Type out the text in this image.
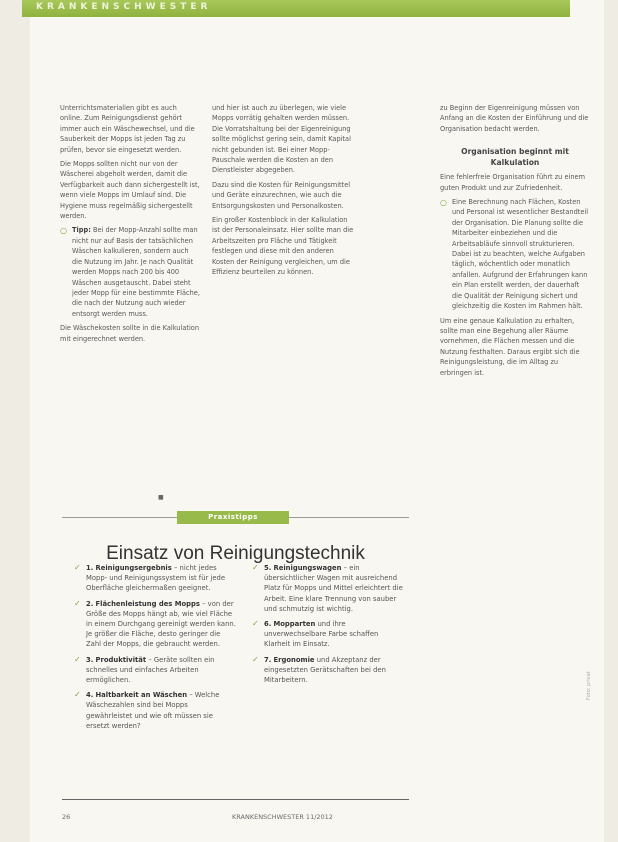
KRANKENSCHWESTER

Unterrichtsmaterialien gibt es auch online. Zum Reinigungsdienst gehört immer auch ein Wäschewechsel, und die Sauberkeit der Mopps ist jeden Tag zu prüfen, bevor sie eingesetzt werden.

Die Mopps sollten nicht nur von der Wäscherei abgeholt werden, damit die Verfügbarkeit auch dann sichergestellt ist, wenn viele Mopps im Umlauf sind. Die Hygiene muss regelmäßig sichergestellt werden.

○ Tipp: Bei der Mopp-Anzahl sollte man nicht nur auf Basis der tatsächlichen Wäschen kalkulieren, sondern auch die Nutzung im Jahr. Je nach Qualität werden Mopps nach 200 bis 400 Wäschen ausgetauscht. Dabei steht jeder Mopp für eine bestimmte Fläche, die nach der Nutzung auch wieder entsorgt werden muss.

Die Wäschekosten sollte in die Kalkulation mit eingerechnet werden.

und hier ist auch zu überlegen, wie viele Mopps vorrätig gehalten werden müssen. Die Vorratshaltung bei der Eigenreinigung sollte möglichst gering sein, damit Kapital nicht gebunden ist. Bei einer Mopp-Pauschale werden die Kosten an den Dienstleister abgegeben.

Dazu sind die Kosten für Reinigungsmittel und Geräte einzurechnen, wie auch die Entsorgungskosten und Personalkosten.

Ein großer Kostenblock in der Kalkulation ist der Personaleinsatz. Hier sollte man die Arbeitszeiten pro Fläche und Tätigkeit festlegen und diese mit den anderen Kosten der Reinigung vergleichen, um die Effizienz beurteilen zu können.

zu Beginn der Eigenreinigung müssen von Anfang an die Kosten der Einführung und die Organisation bedacht werden.

Organisation beginnt mit
Kalkulation

Eine fehlerfreie Organisation führt zu einem guten Produkt und zur Zufriedenheit.

○ Eine Berechnung nach Flächen, Kosten und Personal ist wesentlicher Bestandteil der Organisation. Die Planung sollte die Mitarbeiter einbeziehen und die Arbeitsabläufe sinnvoll strukturieren. Dabei ist zu beachten, welche Aufgaben täglich, wöchentlich oder monatlich anfallen. Aufgrund der Erfahrungen kann ein Plan erstellt werden, der dauerhaft die Qualität der Reinigung sichert und gleichzeitig die Kosten im Rahmen hält.

Um eine genaue Kalkulation zu erhalten, sollte man eine Begehung aller Räume vornehmen, die Flächen messen und die Nutzung festhalten. Daraus ergibt sich die Reinigungsleistung, die im Alltag zu erbringen ist.

■
Praxistipps
Einsatz von Reinigungstechnik
✓ 1. Reinigungsergebnis – nicht jedes Mopp- und Reinigungssystem ist für jede Oberfläche gleichermaßen geeignet.
✓ 2. Flächenleistung des Mopps – von der Größe des Mopps hängt ab, wie viel Fläche in einem Durchgang gereinigt werden kann. Je größer die Fläche, desto geringer die Zahl der Mopps, die gebraucht werden.
✓ 3. Produktivität – Geräte sollten ein schnelles und einfaches Arbeiten ermöglichen.
✓ 4. Haltbarkeit an Wäschen – Welche Wäschezahlen sind bei Mopps gewährleistet und wie oft müssen sie ersetzt werden?
✓ 5. Reinigungswagen – ein übersichtlicher Wagen mit ausreichend Platz für Mopps und Mittel erleichtert die Arbeit. Eine klare Trennung von sauber und schmutzig ist wichtig.
✓ 6. Mopparten und ihre unverwechselbare Farbe schaffen Klarheit im Einsatz.
✓ 7. Ergonomie und Akzeptanz der eingesetzten Gerätschaften bei den Mitarbeitern.
26	KRANKENSCHWESTER 11/2012
Foto: privat
